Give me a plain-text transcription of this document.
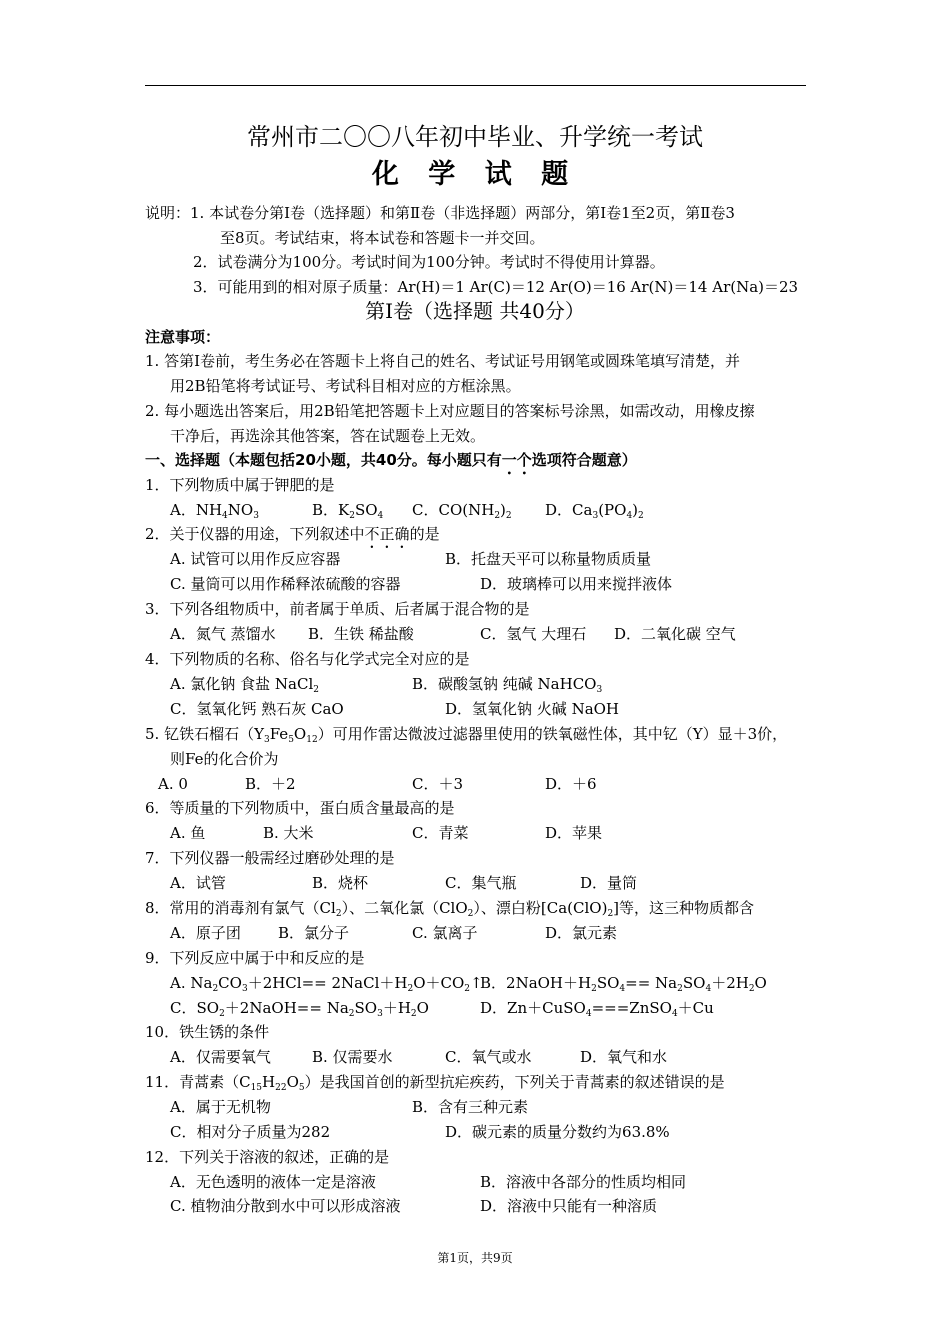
常州市二〇〇八年初中毕业、升学统一考试
化 学 试 题
说明：1. 本试卷分第Ⅰ卷（选择题）和第Ⅱ卷（非选择题）两部分，第Ⅰ卷1至2页，第Ⅱ卷3
至8页。考试结束，将本试卷和答题卡一并交回。
2．试卷满分为100分。考试时间为100分钟。考试时不得使用计算器。
3．可能用到的相对原子质量：Ar(H)＝1 Ar(C)＝12 Ar(O)＝16 Ar(N)＝14 Ar(Na)＝23
第Ⅰ卷（选择题 共40分）
注意事项：
1. 答第Ⅰ卷前，考生务必在答题卡上将自己的姓名、考试证号用钢笔或圆珠笔填写清楚，并
用2B铅笔将考试证号、考试科目相对应的方框涂黑。
2. 每小题选出答案后，用2B铅笔把答题卡上对应题目的答案标号涂黑，如需改动，用橡皮擦
干净后，再选涂其他答案，答在试题卷上无效。
一、选择题（本题包括20小题，共40分。每小题只有一个选项符合题意）
1．下列物质中属于钾肥的是
A．$NH_4NO_3$	B．$K_2SO_4$ C．$CO(NH_2)_2$ D．$Ca_3(PO_4)_2$
2．关于仪器的用途，下列叙述中不正确的是
A. 试管可以用作反应容器	B．托盘天平可以称量物质质量
C. 量筒可以用作稀释浓硫酸的容器	D．玻璃棒可以用来搅拌液体
3．下列各组物质中，前者属于单质、后者属于混合物的是
A．氮气 蒸馏水 B．生铁 稀盐酸	C．氢气 大理石 D．二氧化碳 空气
4．下列物质的名称、俗名与化学式完全对应的是
A. 氯化钠 食盐 NaCl$_2$	B．碳酸氢钠 纯碱 NaHCO$_3$
C．氢氧化钙 熟石灰 CaO	D．氢氧化钠 火碱 NaOH
5. 钇铁石榴石$(Y_3Fe_5O_{12})$可用作雷达微波过滤器里使用的铁氧磁性体，其中钇（Y）显＋3价，
则Fe的化合价为
A. 0	B．＋2	C．＋3	D．＋6
6．等质量的下列物质中，蛋白质含量最高的是
A. 鱼	B. 大米	C．青菜	D．苹果
7．下列仪器一般需经过磨砂处理的是
A．试管	B．烧杯	C．集气瓶	D．量筒
8．常用的消毒剂有氯气$(Cl_2)$、二氧化氯（ClO$_2$）、漂白粉$[Ca(ClO)_2]$等，这三种物质都含
A．原子团 B．氯分子	C. 氯离子	D．氯元素
9．下列反应中属于中和反应的是
A. $Na_2CO_3+2HCl==$ $2NaCl+H_2O+CO_2↑$
B．$2NaOH+H_2SO_4== Na_2SO_4+2H_2O$
C．$SO_2+2NaOH== Na_2SO_3+H_2O$	D．Zn＋CuSO$_4$===ZnSO$_4$＋Cu
10．铁生锈的条件
A．仅需要氧气	B. 仅需要水	C．氧气或水	D．氧气和水
11．青蒿素$(C_{15}H_{22}O_5)$是我国首创的新型抗疟疾药，下列关于青蒿素的叙述错误的是
A．属于无机物	B．含有三种元素
C．相对分子质量为282	D．碳元素的质量分数约为63.8%
12．下列关于溶液的叙述，正确的是
A．无色透明的液体一定是溶液	B．溶液中各部分的性质均相同
C. 植物油分散到水中可以形成溶液	D．溶液中只能有一种溶质
第1页，共9页
